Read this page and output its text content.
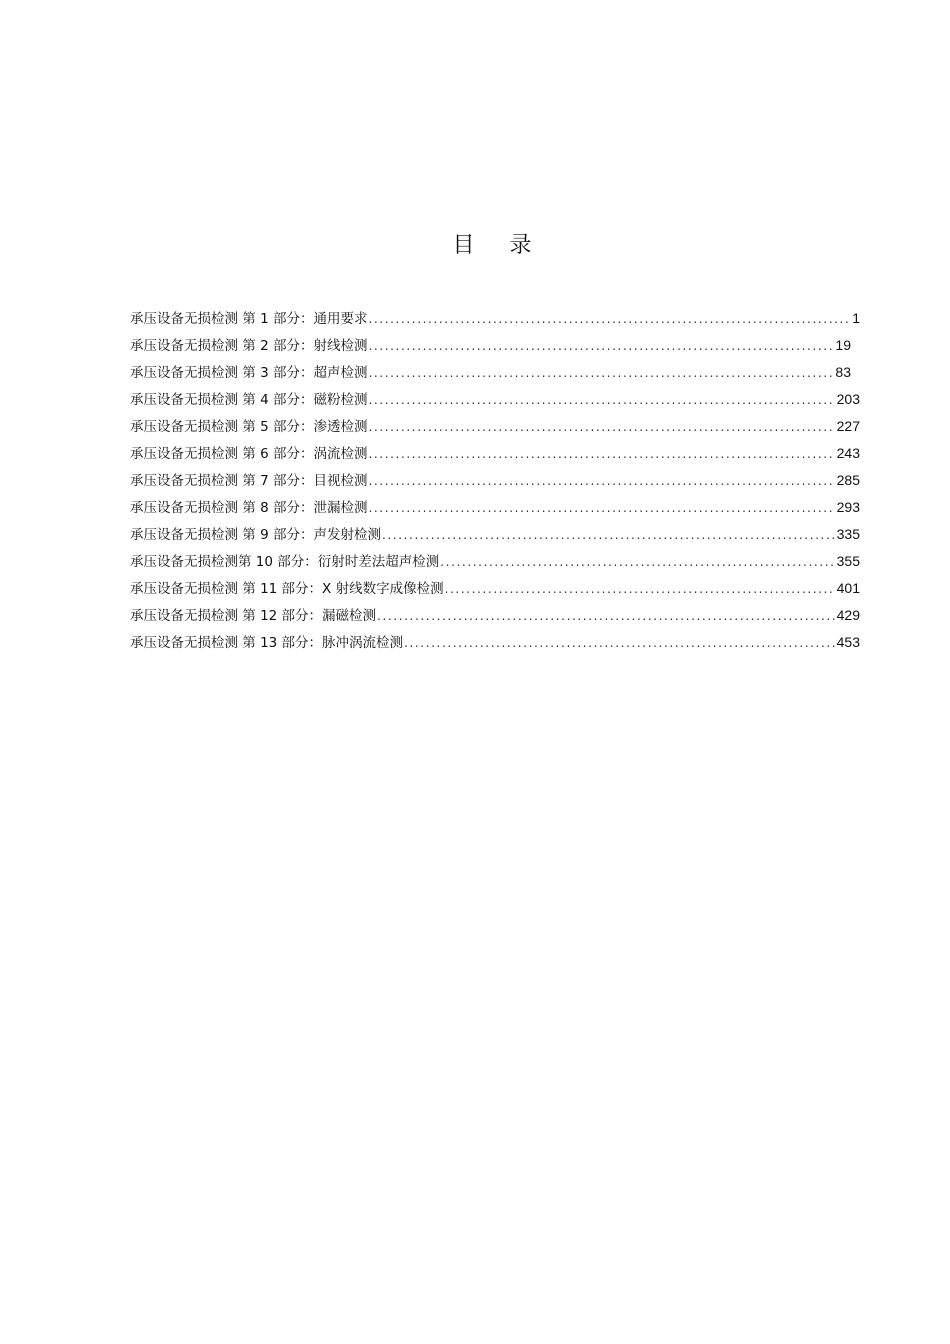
目 录
承压设备无损检测 第 1 部分：通用要求 .....	1
承压设备无损检测 第 2 部分：射线检测 .....	19
承压设备无损检测 第 3 部分：超声检测 .....	83
承压设备无损检测 第 4 部分：磁粉检测 .....	203
承压设备无损检测 第 5 部分：渗透检测 .....	227
承压设备无损检测 第 6 部分：涡流检测 .....	243
承压设备无损检测 第 7 部分：目视检测 .....	285
承压设备无损检测 第 8 部分：泄漏检测 .....	293
承压设备无损检测 第 9 部分：声发射检测 .....	335
承压设备无损检测第 10 部分：衍射时差法超声检测 .....	355
承压设备无损检测 第 11 部分：X 射线数字成像检测 .....	401
承压设备无损检测 第 12 部分：漏磁检测 .....	429
承压设备无损检测 第 13 部分：脉冲涡流检测 .....	453
